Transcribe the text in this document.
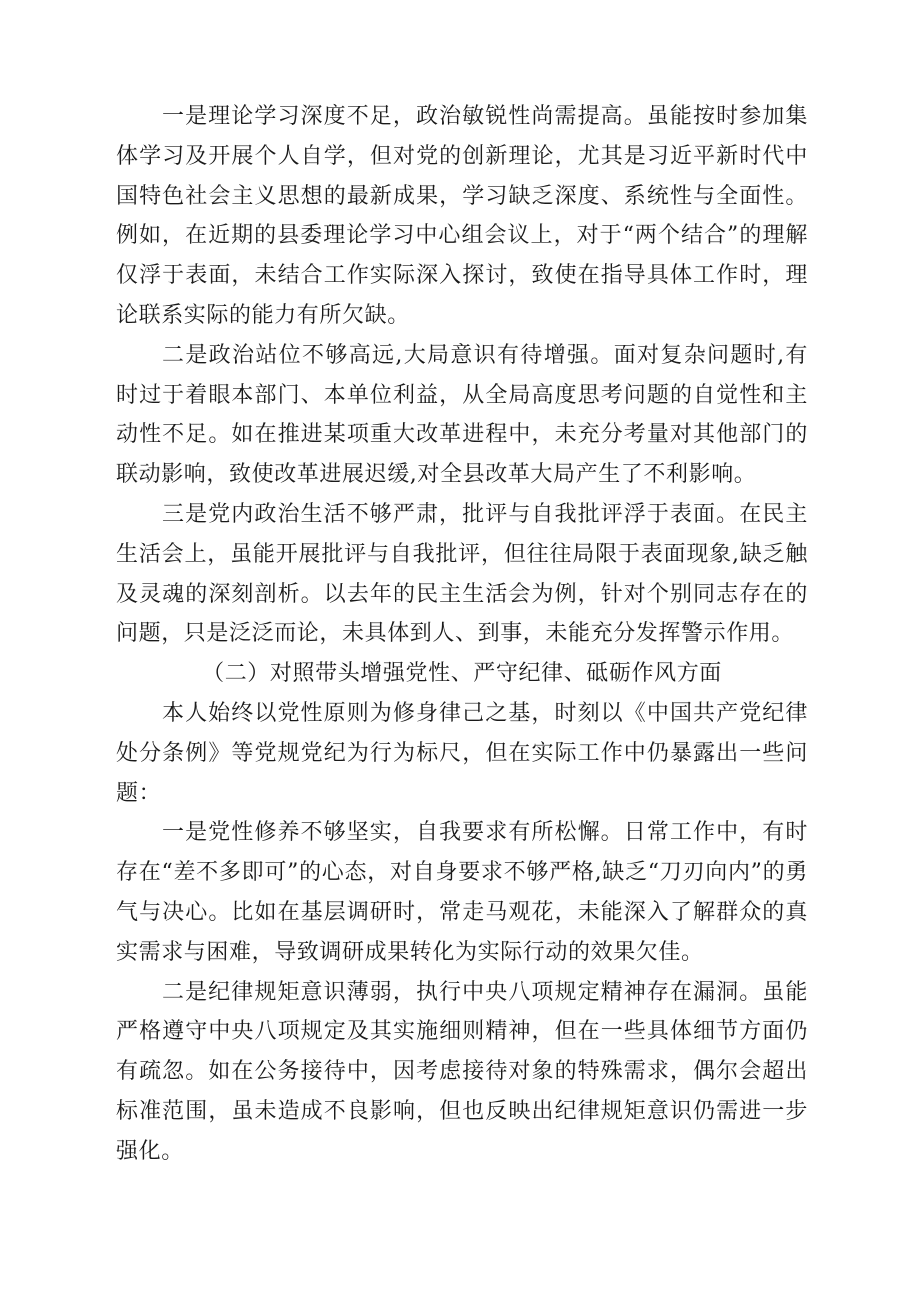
一是理论学习深度不足，政治敏锐性尚需提高。虽能按时参加集体学习及开展个人自学，但对党的创新理论，尤其是习近平新时代中国特色社会主义思想的最新成果，学习缺乏深度、系统性与全面性。例如，在近期的县委理论学习中心组会议上，对于“两个结合”的理解仅浮于表面，未结合工作实际深入探讨，致使在指导具体工作时，理论联系实际的能力有所欠缺。

二是政治站位不够高远,大局意识有待增强。面对复杂问题时,有时过于着眼本部门、本单位利益，从全局高度思考问题的自觉性和主动性不足。如在推进某项重大改革进程中，未充分考量对其他部门的联动影响，致使改革进展迟缓,对全县改革大局产生了不利影响。

三是党内政治生活不够严肃，批评与自我批评浮于表面。在民主生活会上，虽能开展批评与自我批评，但往往局限于表面现象,缺乏触及灵魂的深刻剖析。以去年的民主生活会为例，针对个别同志存在的问题，只是泛泛而论，未具体到人、到事，未能充分发挥警示作用。

（二）对照带头增强党性、严守纪律、砥砺作风方面

本人始终以党性原则为修身律己之基，时刻以《中国共产党纪律处分条例》等党规党纪为行为标尺，但在实际工作中仍暴露出一些问题：

一是党性修养不够坚实，自我要求有所松懈。日常工作中，有时存在“差不多即可”的心态，对自身要求不够严格,缺乏“刀刃向内”的勇气与决心。比如在基层调研时，常走马观花，未能深入了解群众的真实需求与困难，导致调研成果转化为实际行动的效果欠佳。

二是纪律规矩意识薄弱，执行中央八项规定精神存在漏洞。虽能严格遵守中央八项规定及其实施细则精神，但在一些具体细节方面仍有疏忽。如在公务接待中，因考虑接待对象的特殊需求，偶尔会超出标准范围，虽未造成不良影响，但也反映出纪律规矩意识仍需进一步强化。
